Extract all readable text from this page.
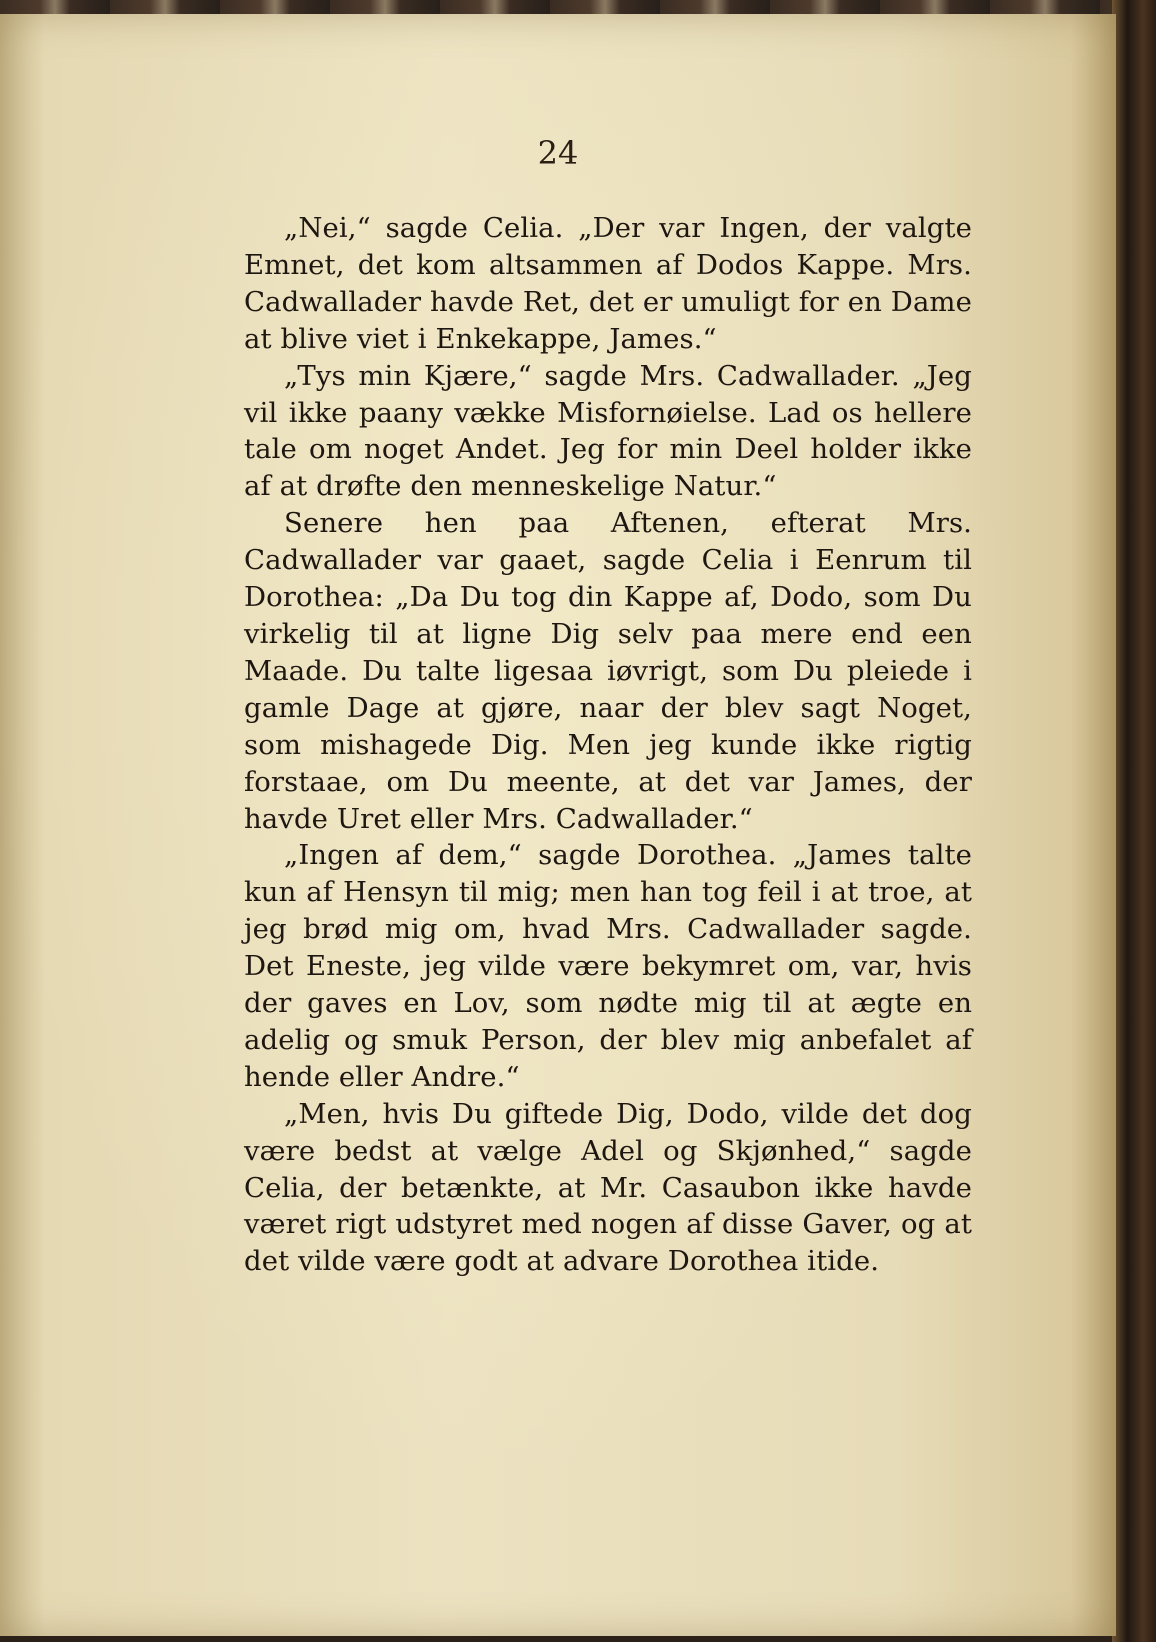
24

„Nei,“ sagde Celia. „Der var Ingen, der valgte Emnet, det kom altsammen af Dodos Kappe. Mrs. Cadwallader havde Ret, det er umuligt for en Dame at blive viet i Enkekappe, James.“

„Tys min Kjære,“ sagde Mrs. Cadwallader. „Jeg vil ikke paany vække Misfornøielse. Lad os hellere tale om noget Andet. Jeg for min Deel holder ikke af at drøfte den menneskelige Natur.“

Senere hen paa Aftenen, efterat Mrs. Cadwallader var gaaet, sagde Celia i Eenrum til Dorothea: „Da Du tog din Kappe af, Dodo, som Du virkelig til at ligne Dig selv paa mere end een Maade. Du talte ligesaa iøvrigt, som Du pleiede i gamle Dage at gjøre, naar der blev sagt Noget, som mishagede Dig. Men jeg kunde ikke rigtig forstaae, om Du meente, at det var James, der havde Uret eller Mrs. Cadwallader.“

„Ingen af dem,“ sagde Dorothea. „James talte kun af Hensyn til mig; men han tog feil i at troe, at jeg brød mig om, hvad Mrs. Cadwallader sagde. Det Eneste, jeg vilde være bekymret om, var, hvis der gaves en Lov, som nødte mig til at ægte en adelig og smuk Person, der blev mig anbefalet af hende eller Andre.“

„Men, hvis Du giftede Dig, Dodo, vilde det dog være bedst at vælge Adel og Skjønhed,“ sagde Celia, der betænkte, at Mr. Casaubon ikke havde været rigt udstyret med nogen af disse Gaver, og at det vilde være godt at advare Dorothea itide.
